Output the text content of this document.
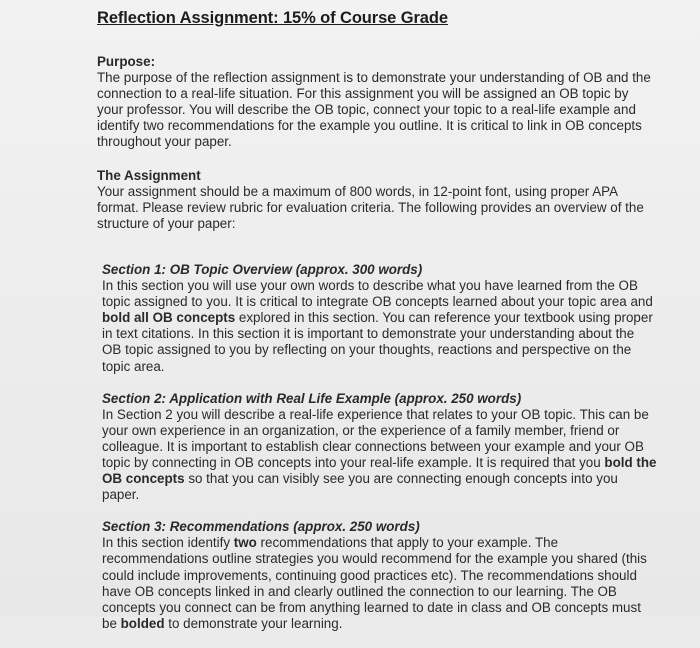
Reflection Assignment: 15% of Course Grade
Purpose:
The purpose of the reflection assignment is to demonstrate your understanding of OB and the connection to a real-life situation. For this assignment you will be assigned an OB topic by your professor. You will describe the OB topic, connect your topic to a real-life example and identify two recommendations for the example you outline. It is critical to link in OB concepts throughout your paper.
The Assignment
Your assignment should be a maximum of 800 words, in 12-point font, using proper APA format. Please review rubric for evaluation criteria. The following provides an overview of the structure of your paper:
Section 1: OB Topic Overview (approx. 300 words)
In this section you will use your own words to describe what you have learned from the OB topic assigned to you. It is critical to integrate OB concepts learned about your topic area and bold all OB concepts explored in this section. You can reference your textbook using proper in text citations. In this section it is important to demonstrate your understanding about the OB topic assigned to you by reflecting on your thoughts, reactions and perspective on the topic area.
Section 2: Application with Real Life Example (approx. 250 words)
In Section 2 you will describe a real-life experience that relates to your OB topic. This can be your own experience in an organization, or the experience of a family member, friend or colleague. It is important to establish clear connections between your example and your OB topic by connecting in OB concepts into your real-life example. It is required that you bold the OB concepts so that you can visibly see you are connecting enough concepts into you paper.
Section 3: Recommendations (approx. 250 words)
In this section identify two recommendations that apply to your example. The recommendations outline strategies you would recommend for the example you shared (this could include improvements, continuing good practices etc). The recommendations should have OB concepts linked in and clearly outlined the connection to our learning. The OB concepts you connect can be from anything learned to date in class and OB concepts must be bolded to demonstrate your learning.
